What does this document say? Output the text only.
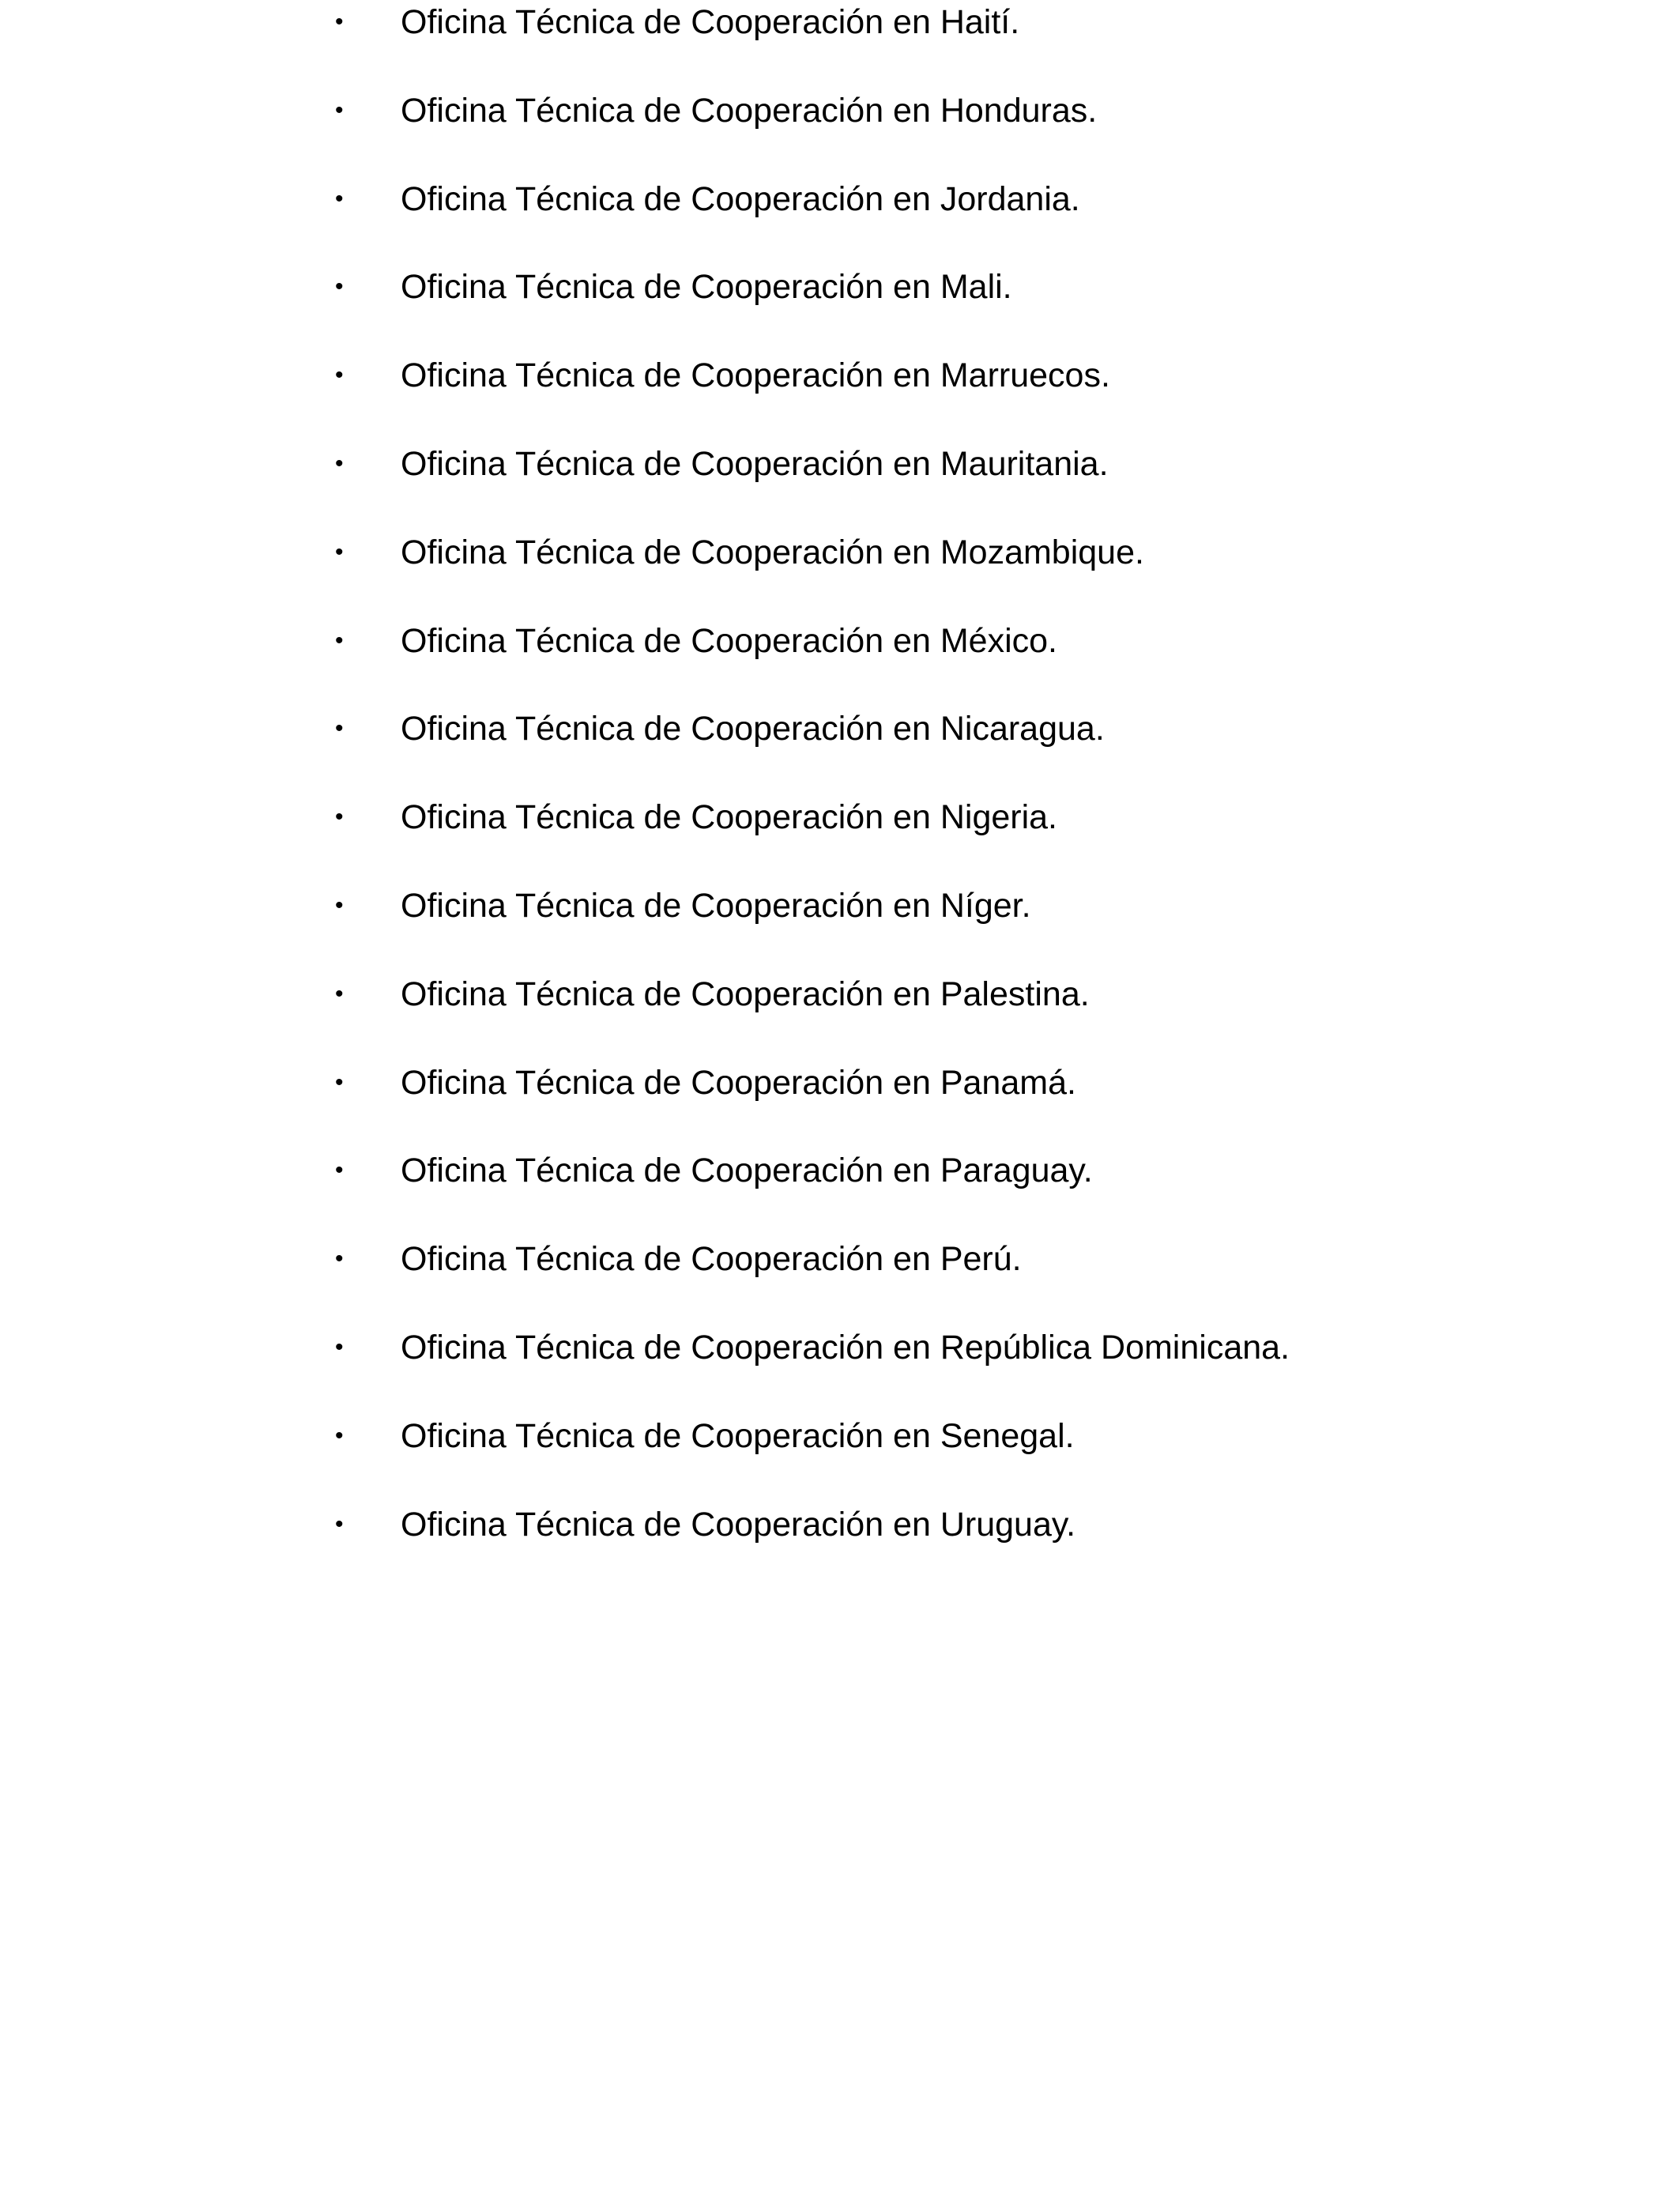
• Oficina Técnica de Cooperación en Haití.
• Oficina Técnica de Cooperación en Honduras.
• Oficina Técnica de Cooperación en Jordania.
• Oficina Técnica de Cooperación en Mali.
• Oficina Técnica de Cooperación en Marruecos.
• Oficina Técnica de Cooperación en Mauritania.
• Oficina Técnica de Cooperación en Mozambique.
• Oficina Técnica de Cooperación en México.
• Oficina Técnica de Cooperación en Nicaragua.
• Oficina Técnica de Cooperación en Nigeria.
• Oficina Técnica de Cooperación en Níger.
• Oficina Técnica de Cooperación en Palestina.
• Oficina Técnica de Cooperación en Panamá.
• Oficina Técnica de Cooperación en Paraguay.
• Oficina Técnica de Cooperación en Perú.
• Oficina Técnica de Cooperación en República Dominicana.
• Oficina Técnica de Cooperación en Senegal.
• Oficina Técnica de Cooperación en Uruguay.
